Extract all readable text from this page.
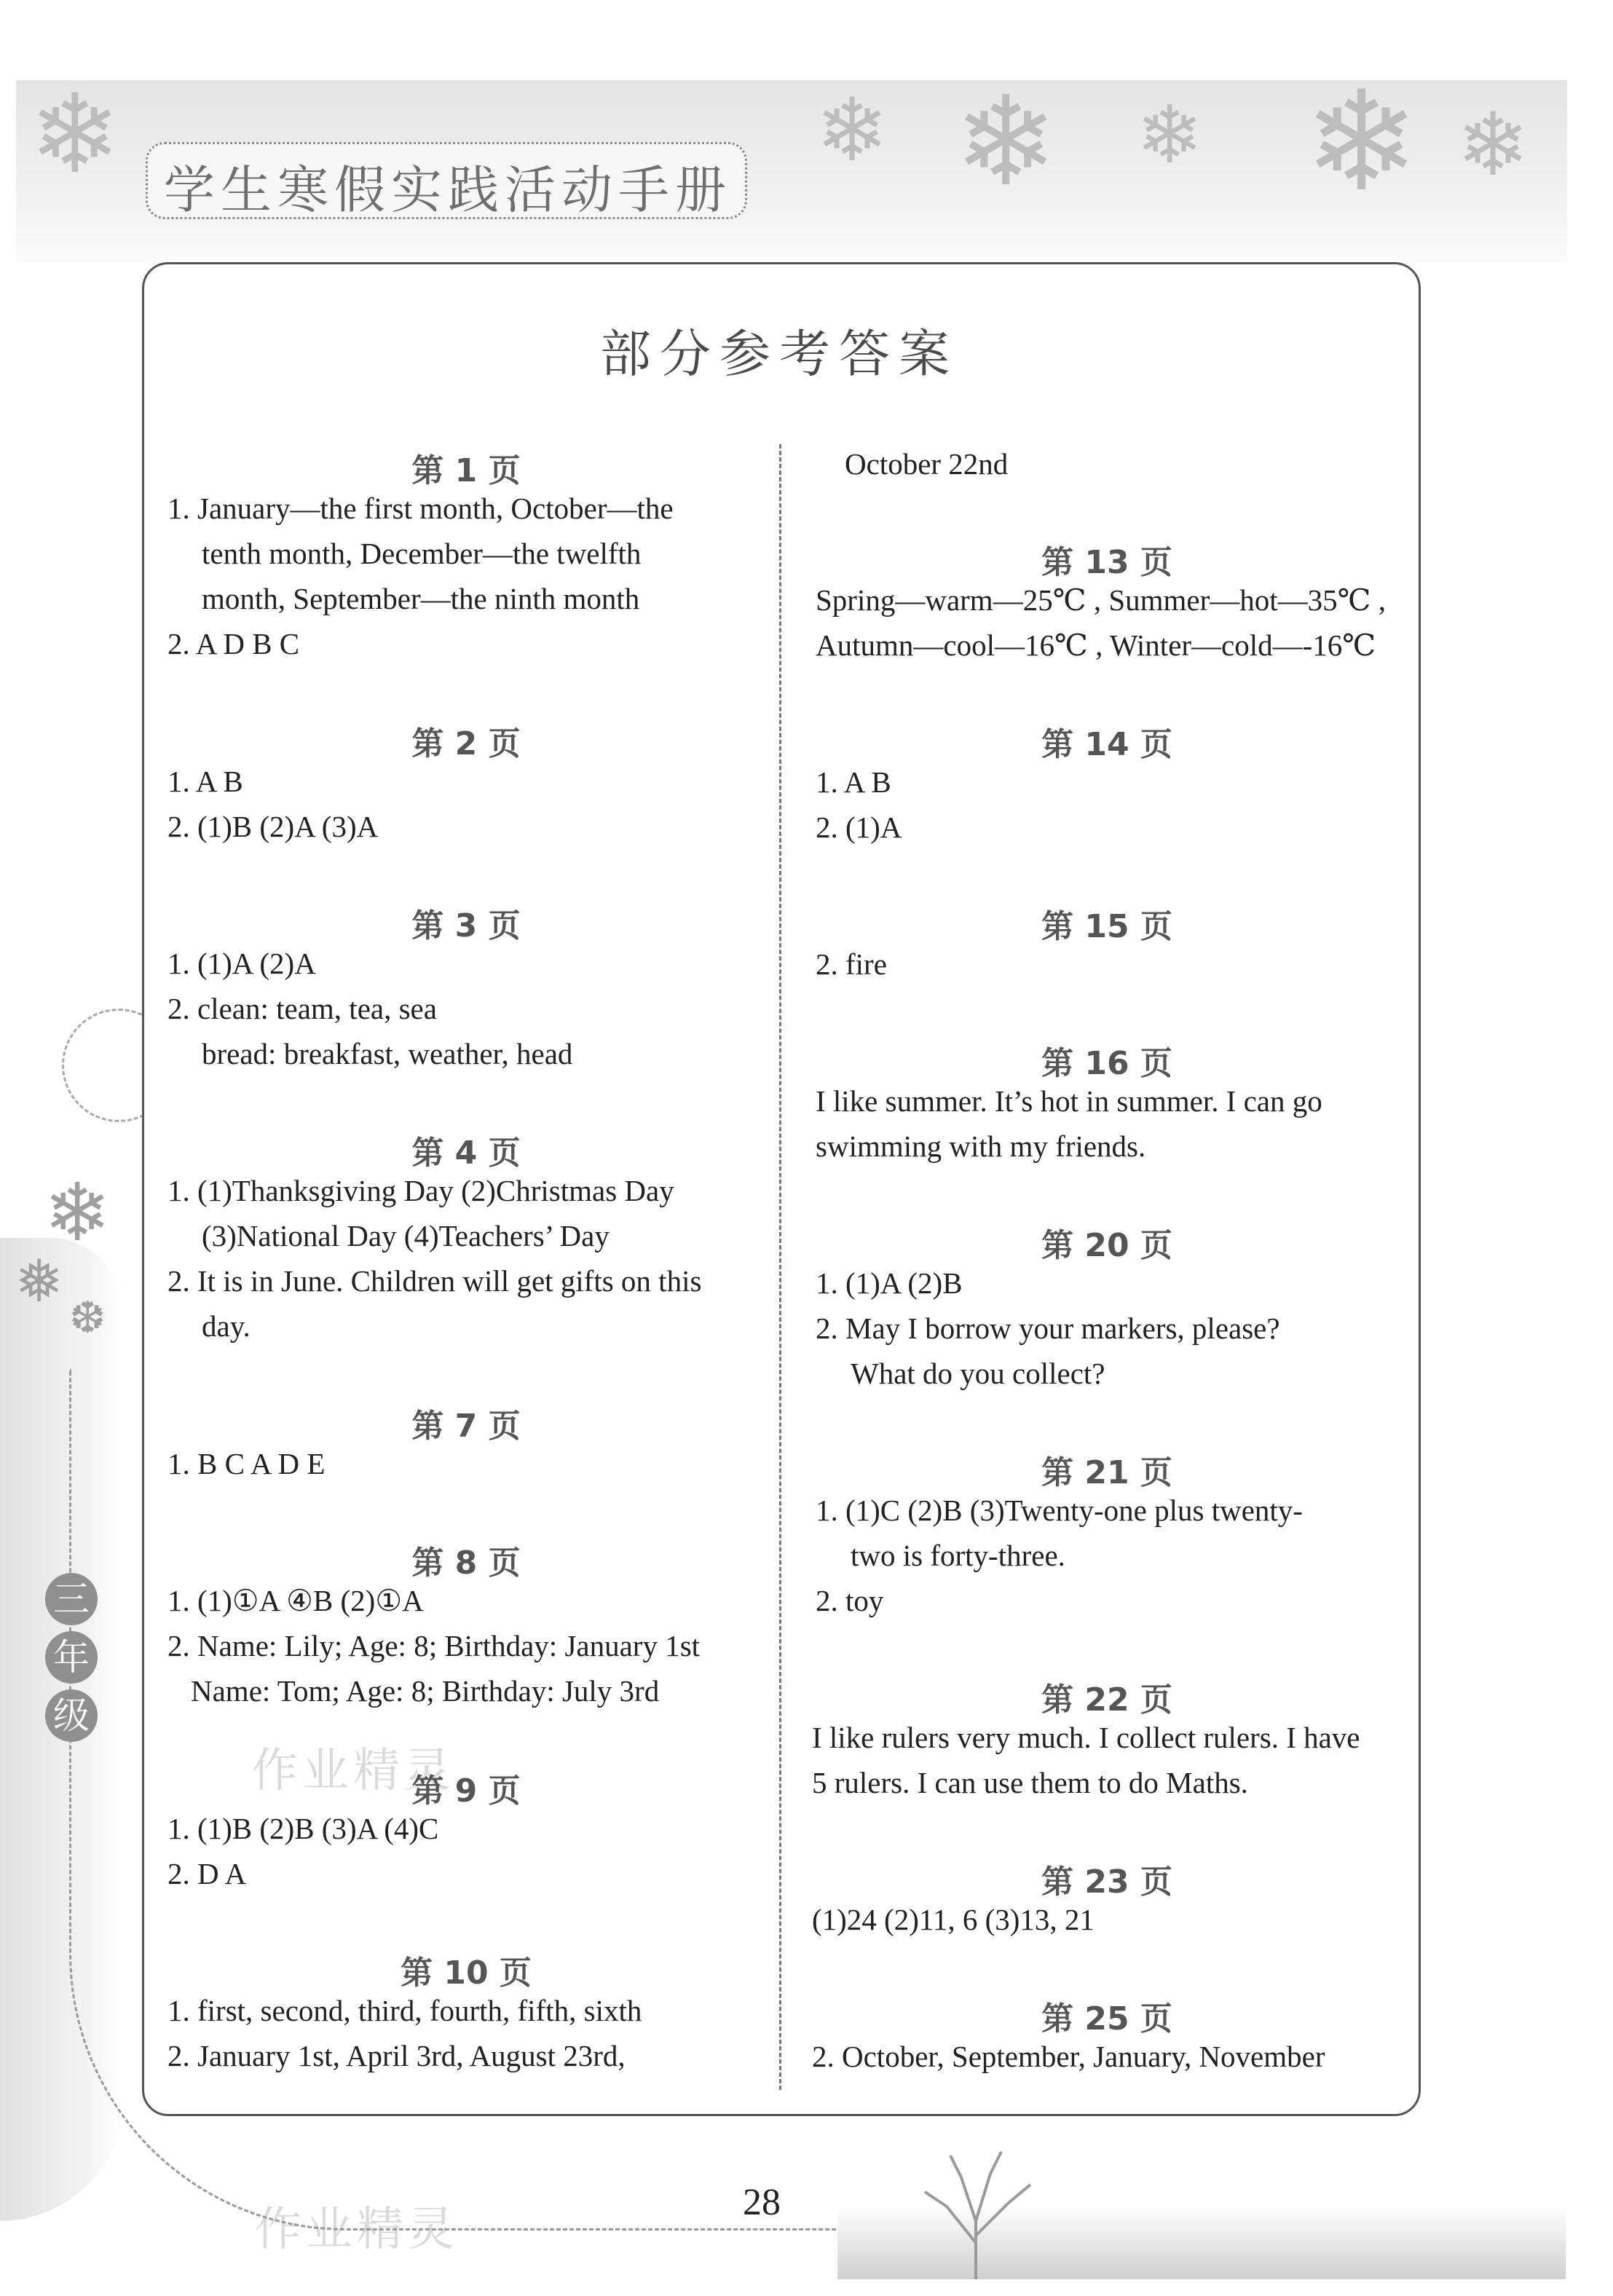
❄	❄ ❄ ❄ ❄ ❄
学生寒假实践活动手册
❄
❅
❆
三
年
级
部分参考答案
作业精灵
作业精灵
第 1 页
1. January—the first month, October—the
tenth month, December—the twelfth
month, September—the ninth month
2. A D B C
第 2 页
1. A B
2. (1)B (2)A (3)A
第 3 页
1. (1)A (2)A
2. clean: team, tea, sea
bread: breakfast, weather, head
第 4 页
1. (1)Thanksgiving Day (2)Christmas Day
(3)National Day (4)Teachers’ Day
2. It is in June. Children will get gifts on this
day.
第 7 页
1. B C A D E
第 8 页
1. (1)①A ④B (2)①A
2. Name: Lily; Age: 8; Birthday: January 1st
Name: Tom; Age: 8; Birthday: July 3rd
第 9 页
1. (1)B (2)B (3)A (4)C
2. D A
第 10 页
1. first, second, third, fourth, fifth, sixth
2. January 1st, April 3rd, August 23rd,
October 22nd
第 13 页
Spring—warm—25℃ , Summer—hot—35℃ ,
Autumn—cool—16℃ , Winter—cold—-16℃
第 14 页
1. A B
2. (1)A
第 15 页
2. fire
第 16 页
I like summer. It’s hot in summer. I can go
swimming with my friends.
第 20 页
1. (1)A (2)B
2. May I borrow your markers, please?
What do you collect?
第 21 页
1. (1)C (2)B (3)Twenty-one plus twenty-
two is forty-three.
2. toy
第 22 页
I like rulers very much. I collect rulers. I have
5 rulers. I can use them to do Maths.
第 23 页
(1)24 (2)11, 6 (3)13, 21
第 25 页
2. October, September, January, November
28
